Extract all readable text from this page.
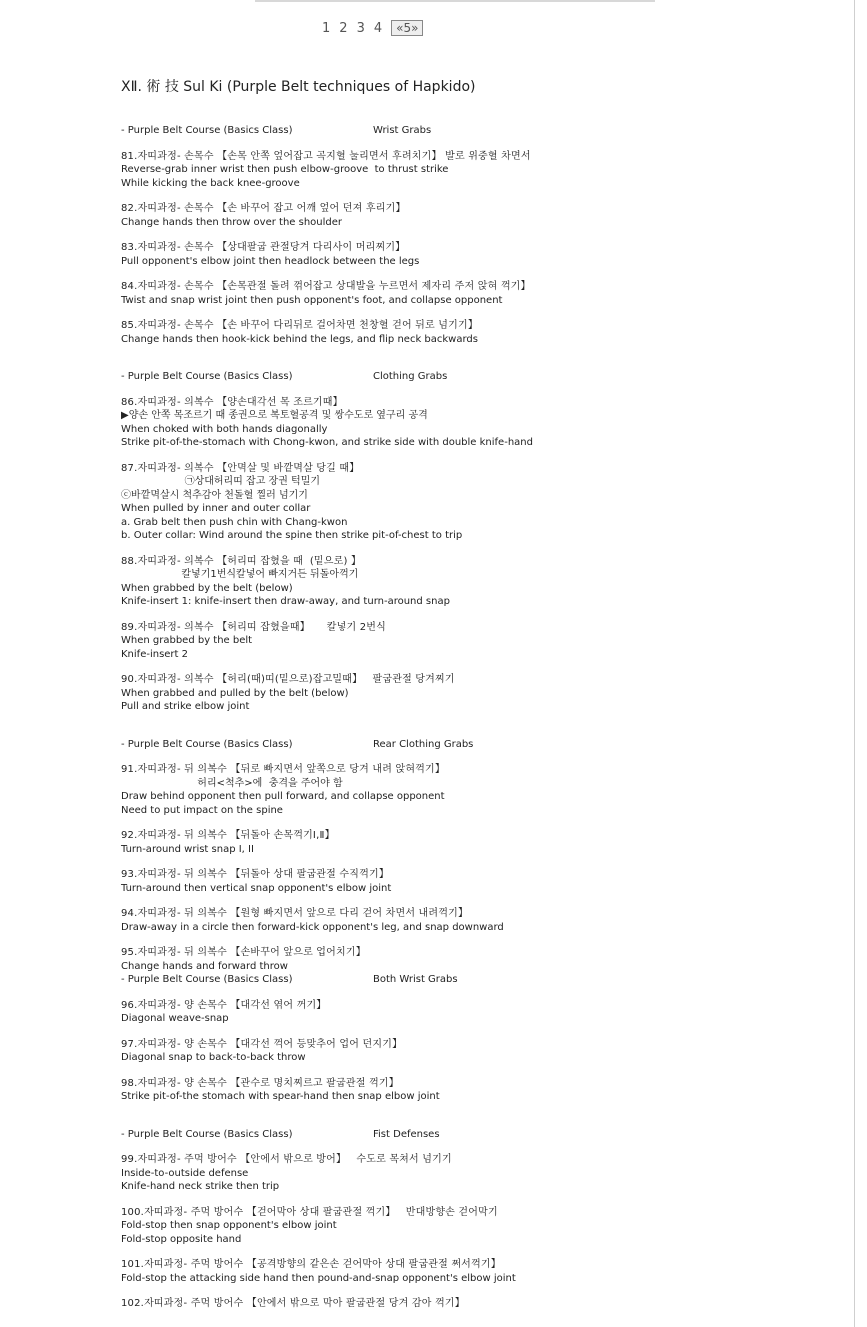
1 2 3 4	«5»
ⅩⅡ. 術 技 Sul Ki (Purple Belt techniques of Hapkido)
- Purple Belt Course (Basics Class)	Wrist Grabs
81.자띠과정- 손목수 【손목 안쪽 엎어잡고 곡지혈 눌리면서 후려치기】 발로 위중혈 차면서
Reverse-grab inner wrist then push elbow-groove  to thrust strike
While kicking the back knee-groove
82.자띠과정- 손목수 【손 바꾸어 잡고 어깨 엎어 던져 후리기】
Change hands then throw over the shoulder
83.자띠과정- 손목수 【상대팔굽 관절당겨 다리사이 머리찌기】
Pull opponent's elbow joint then headlock between the legs
84.자띠과정- 손목수 【손목관절 돌려 꺾어잡고 상대발을 누르면서 제자리 주저 앉혀 꺽기】
Twist and snap wrist joint then push opponent's foot, and collapse opponent
85.자띠과정- 손목수 【손 바꾸어 다리뒤로 걸어차면 천창혈 걷어 뒤로 넘기기】
Change hands then hook-kick behind the legs, and flip neck backwards
- Purple Belt Course (Basics Class)	Clothing Grabs
86.자띠과정- 의복수 【양손대각선 목 조르기때】
▶양손 안쪽 목조르기 때 종권으로 복토혈공격 및 쌍수도로 옆구리 공격
When choked with both hands diagonally
Strike pit-of-the-stomach with Chong-kwon, and strike side with double knife-hand
87.자띠과정- 의복수 【안멱살 및 바깥멱살 당길 때】
㉠상대허리띠 잡고 장권 턱밀기
ⓒ바깥멱살시 척추감아 천돌혈 찔러 넘기기
When pulled by inner and outer collar
a. Grab belt then push chin with Chang-kwon
b. Outer collar: Wind around the spine then strike pit-of-chest to trip
88.자띠과정- 의복수 【허리띠 잡혔을 때  (밑으로) 】
칼넣기1번식칼넣어 빠지거든 뒤돌아꺽기
When grabbed by the belt (below)
Knife-insert 1: knife-insert then draw-away, and turn-around snap
89.자띠과정- 의복수 【허리띠 잡혔을때】     칼넣기 2번식
When grabbed by the belt
Knife-insert 2
90.자띠과정- 의복수 【허리(때)띠(밑으로)잡고밀때】   팔굽관절 당겨찌기
When grabbed and pulled by the belt (below)
Pull and strike elbow joint
- Purple Belt Course (Basics Class)	Rear Clothing Grabs
91.자띠과정- 뒤 의복수 【뒤로 빠지면서 앞쪽으로 당겨 내려 앉혀꺽기】
허리<척추>에  충격을 주어야 함
Draw behind opponent then pull forward, and collapse opponent
Need to put impact on the spine
92.자띠과정- 뒤 의복수 【뒤돌아 손목꺽기Ⅰ,Ⅱ】
Turn-around wrist snap I, II
93.자띠과정- 뒤 의복수 【뒤돌아 상대 팔굽관절 수직꺽기】
Turn-around then vertical snap opponent's elbow joint
94.자띠과정- 뒤 의복수 【원형 빠지면서 앞으로 다리 걷어 차면서 내려꺽기】
Draw-away in a circle then forward-kick opponent's leg, and snap downward
95.자띠과정- 뒤 의복수 【손바꾸어 앞으로 업어치기】
Change hands and forward throw
- Purple Belt Course (Basics Class)	Both Wrist Grabs
96.자띠과정- 양 손목수 【대각선 엮어 꺼기】
Diagonal weave-snap
97.자띠과정- 양 손목수 【대각선 꺽어 등맞추어 업어 던지기】
Diagonal snap to back-to-back throw
98.자띠과정- 양 손목수 【관수로 명치찌르고 팔굽관절 꺽기】
Strike pit-of-the stomach with spear-hand then snap elbow joint
- Purple Belt Course (Basics Class)	Fist Defenses
99.자띠과정- 주먹 방어수 【안에서 밖으로 방어】   수도로 목쳐서 넘기기
Inside-to-outside defense
Knife-hand neck strike then trip
100.자띠과정- 주먹 방어수 【걷어막아 상대 팔굽관절 꺽기】   반대방향손 걷어막기
Fold-stop then snap opponent's elbow joint
Fold-stop opposite hand
101.자띠과정- 주먹 방어수 【공격방향의 같은손 걷어막아 상대 팔굽관절 쩌서꺽기】
Fold-stop the attacking side hand then pound-and-snap opponent's elbow joint
102.자띠과정- 주먹 방어수 【안에서 밖으로 막아 팔굽관절 당겨 감아 꺽기】
